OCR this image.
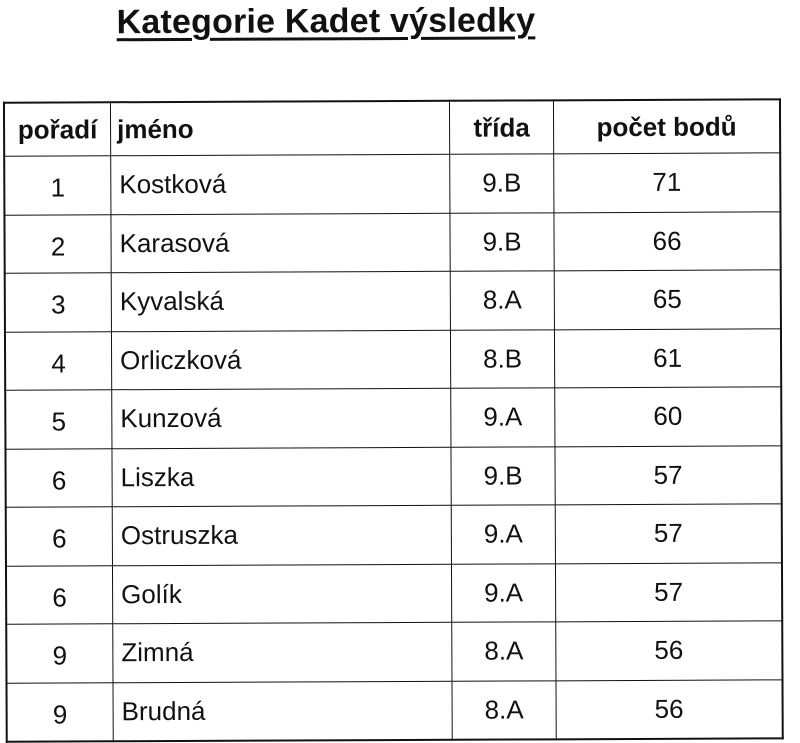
Kategorie Kadet výsledky
pořadí	jméno	třída	počet bodů
1	Kostková	9.B	71
2	Karasová	9.B	66
3	Kyvalská	8.A	65
4	Orliczková	8.B	61
5	Kunzová	9.A	60
6	Liszka	9.B	57
6	Ostruszka	9.A	57
6	Golík	9.A	57
9	Zimná	8.A	56
9	Brudná	8.A	56
